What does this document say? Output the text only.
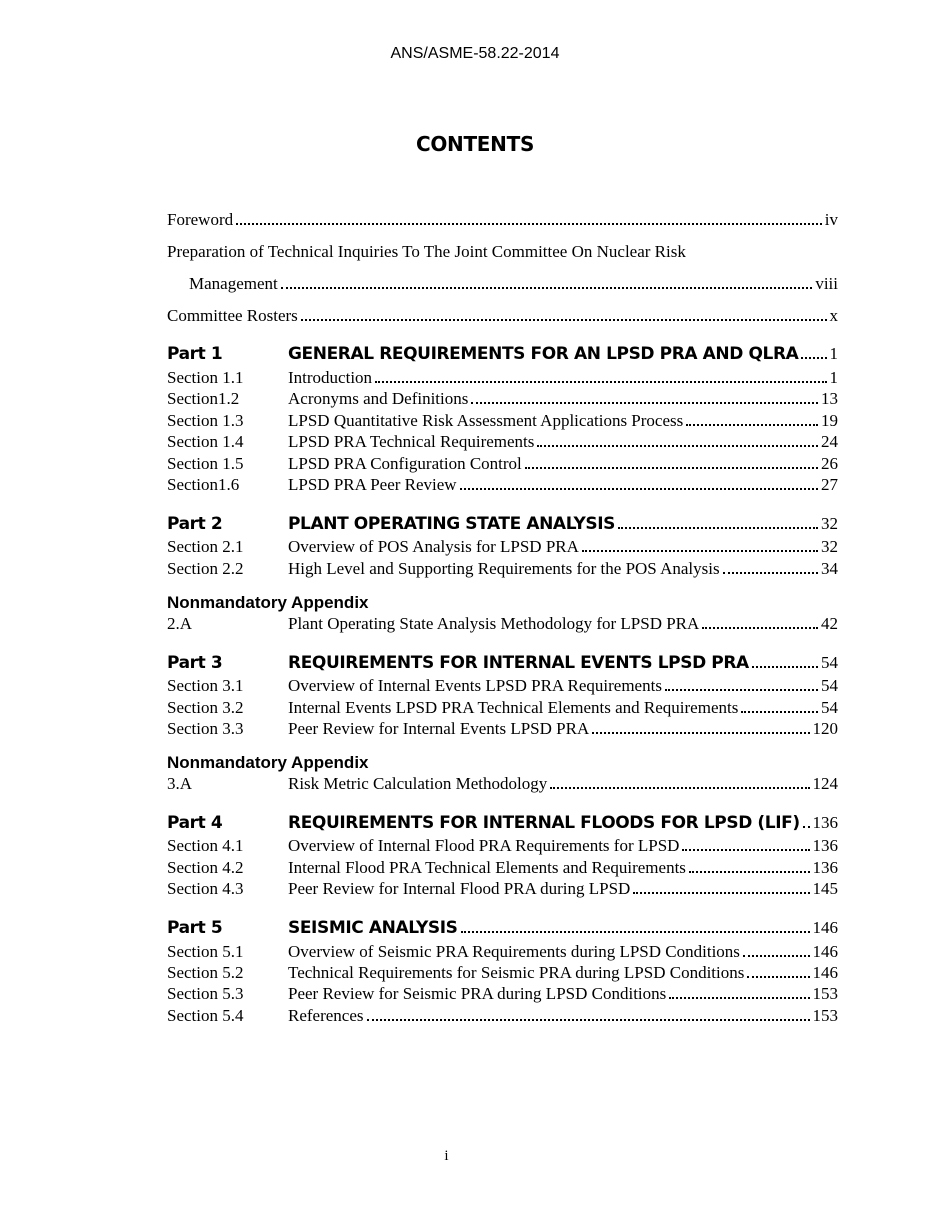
ANS/ASME-58.22-2014
CONTENTS
Foreword	iv
Preparation of Technical Inquiries To The Joint Committee On Nuclear Risk
Management	viii
Committee Rosters	x
Part 1	GENERAL REQUIREMENTS FOR AN LPSD PRA AND QLRA 1
Section 1.1	Introduction	1
Section1.2	Acronyms and Definitions	13
Section 1.3	LPSD Quantitative Risk Assessment Applications Process	19
Section 1.4	LPSD PRA Technical Requirements	24
Section 1.5	LPSD PRA Configuration Control	26
Section1.6	LPSD PRA Peer Review	27
Part 2	PLANT OPERATING STATE ANALYSIS	32
Section 2.1	Overview of POS Analysis for LPSD PRA	32
Section 2.2	High Level and Supporting Requirements for the POS Analysis	34
Nonmandatory Appendix
2.A	Plant Operating State Analysis Methodology for LPSD PRA	42
Part 3	REQUIREMENTS FOR INTERNAL EVENTS LPSD PRA	54
Section 3.1	Overview of Internal Events LPSD PRA Requirements	54
Section 3.2	Internal Events LPSD PRA Technical Elements and Requirements	54
Section 3.3	Peer Review for Internal Events LPSD PRA	120
Nonmandatory Appendix
3.A	Risk Metric Calculation Methodology	124
Part 4	REQUIREMENTS FOR INTERNAL FLOODS FOR LPSD (LIF) 136
Section 4.1	Overview of Internal Flood PRA Requirements for LPSD	136
Section 4.2	Internal Flood PRA Technical Elements and Requirements	136
Section 4.3	Peer Review for Internal Flood PRA during LPSD	145
Part 5	SEISMIC ANALYSIS	146
Section 5.1	Overview of Seismic PRA Requirements during LPSD Conditions	146
Section 5.2	Technical Requirements for Seismic PRA during LPSD Conditions	146
Section 5.3	Peer Review for Seismic PRA during LPSD Conditions	153
Section 5.4	References	153
i
